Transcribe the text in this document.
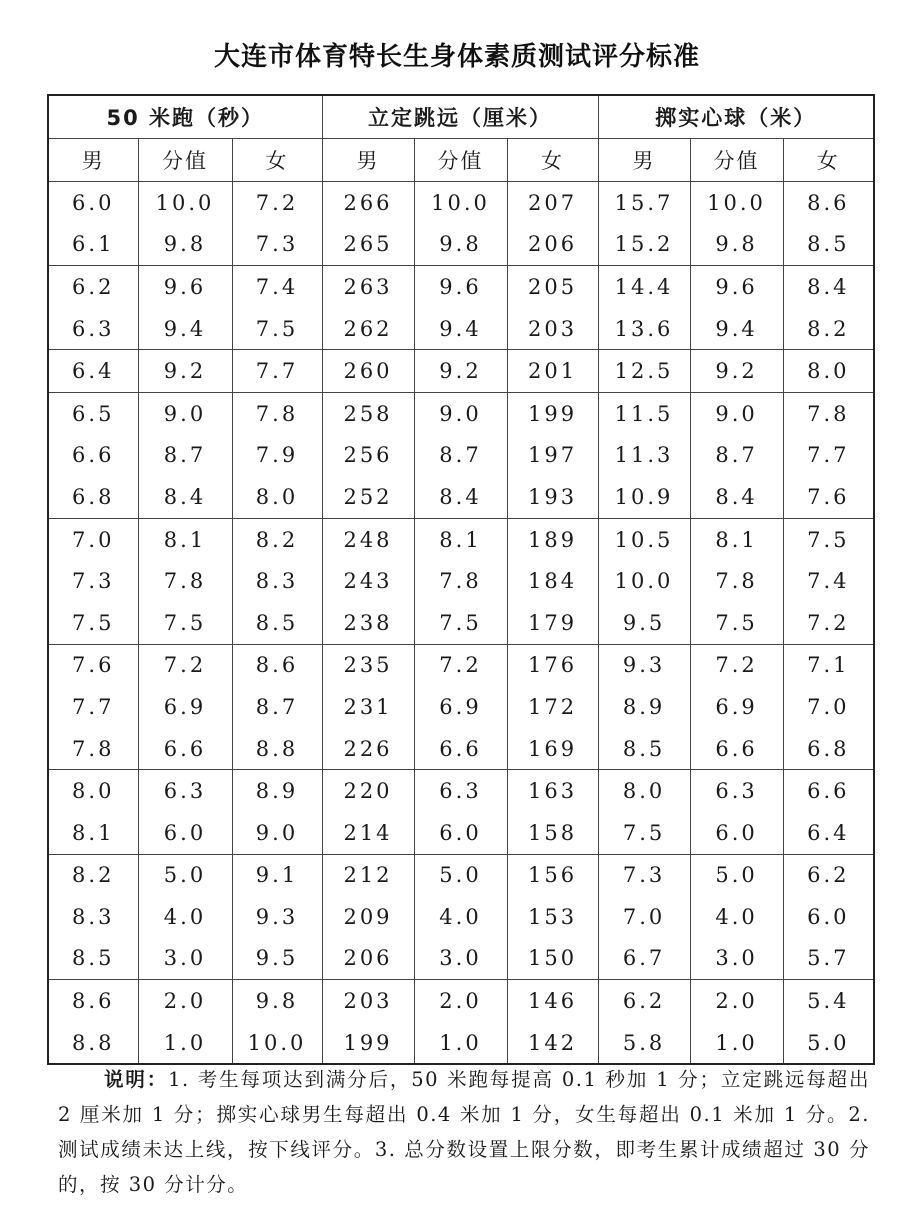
大连市体育特长生身体素质测试评分标准
50 米跑（秒）			立定跳远（厘米）			掷实心球（米）		
男	分值	女	男	分值	女	男	分值	女
6.0	10.0	7.2	266	10.0	207	15.7	10.0	8.6
6.1	9.8	7.3	265	9.8	206	15.2	9.8	8.5
6.2	9.6	7.4	263	9.6	205	14.4	9.6	8.4
6.3	9.4	7.5	262	9.4	203	13.6	9.4	8.2
6.4	9.2	7.7	260	9.2	201	12.5	9.2	8.0
6.5	9.0	7.8	258	9.0	199	11.5	9.0	7.8
6.6	8.7	7.9	256	8.7	197	11.3	8.7	7.7
6.8	8.4	8.0	252	8.4	193	10.9	8.4	7.6
7.0	8.1	8.2	248	8.1	189	10.5	8.1	7.5
7.3	7.8	8.3	243	7.8	184	10.0	7.8	7.4
7.5	7.5	8.5	238	7.5	179	9.5	7.5	7.2
7.6	7.2	8.6	235	7.2	176	9.3	7.2	7.1
7.7	6.9	8.7	231	6.9	172	8.9	6.9	7.0
7.8	6.6	8.8	226	6.6	169	8.5	6.6	6.8
8.0	6.3	8.9	220	6.3	163	8.0	6.3	6.6
8.1	6.0	9.0	214	6.0	158	7.5	6.0	6.4
8.2	5.0	9.1	212	5.0	156	7.3	5.0	6.2
8.3	4.0	9.3	209	4.0	153	7.0	4.0	6.0
8.5	3.0	9.5	206	3.0	150	6.7	3.0	5.7
8.6	2.0	9.8	203	2.0	146	6.2	2.0	5.4
8.8	1.0	10.0	199	1.0	142	5.8	1.0	5.0
说明：1. 考生每项达到满分后，50 米跑每提高 0.1 秒加 1 分；立定跳远每超出 2 厘米加 1 分；掷实心球男生每超出 0.4 米加 1 分，女生每超出 0.1 米加 1 分。2. 测试成绩未达上线，按下线评分。3. 总分数设置上限分数，即考生累计成绩超过 30 分的，按 30 分计分。
